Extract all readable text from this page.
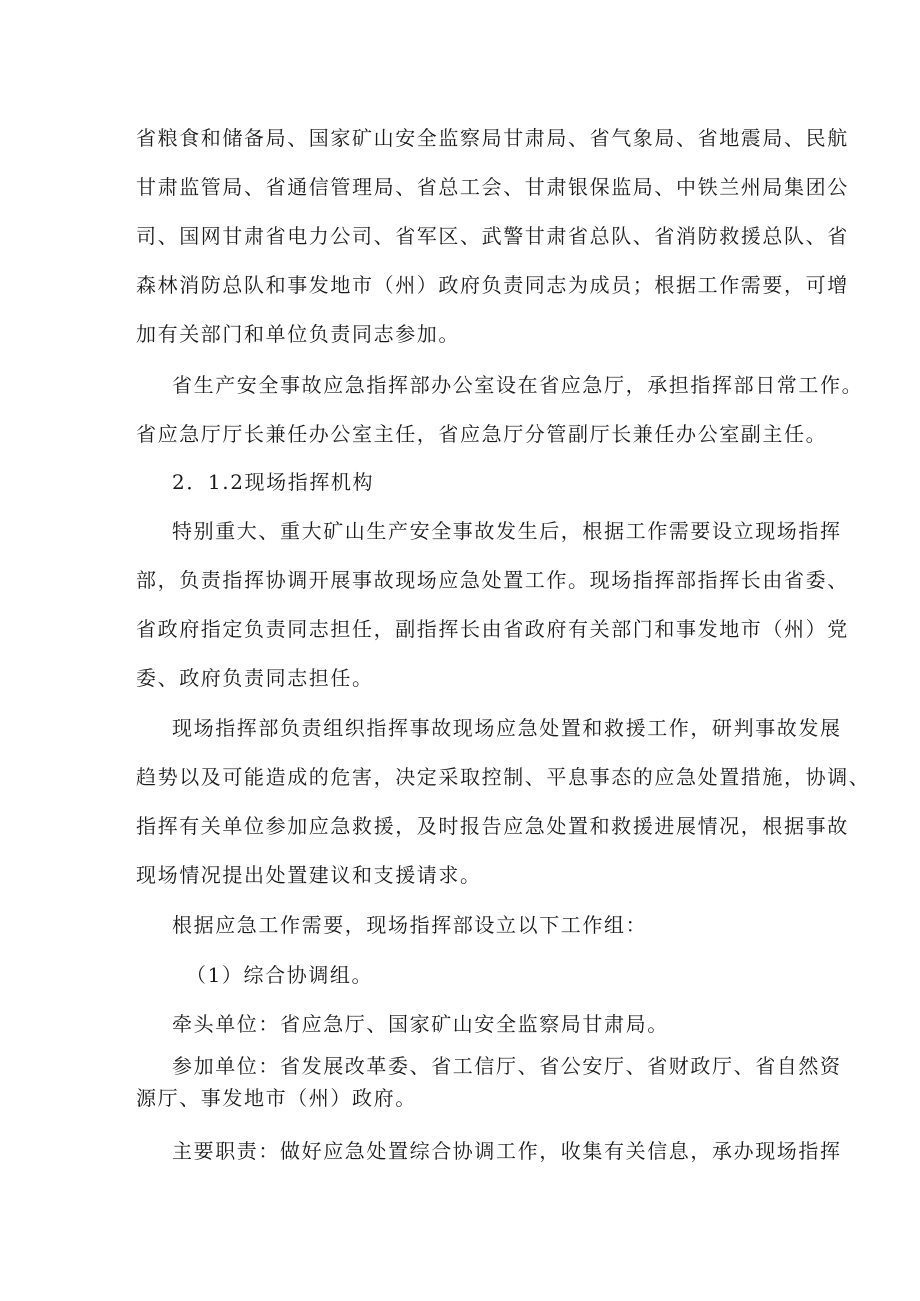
省粮食和储备局、国家矿山安全监察局甘肃局、省气象局、省地震局、民航
甘肃监管局、省通信管理局、省总工会、甘肃银保监局、中铁兰州局集团公
司、国网甘肃省电力公司、省军区、武警甘肃省总队、省消防救援总队、省
森林消防总队和事发地市（州）政府负责同志为成员；根据工作需要，可增
加有关部门和单位负责同志参加。
省生产安全事故应急指挥部办公室设在省应急厅，承担指挥部日常工作。
省应急厅厅长兼任办公室主任，省应急厅分管副厅长兼任办公室副主任。
2．1.2现场指挥机构
特别重大、重大矿山生产安全事故发生后，根据工作需要设立现场指挥
部，负责指挥协调开展事故现场应急处置工作。现场指挥部指挥长由省委、
省政府指定负责同志担任，副指挥长由省政府有关部门和事发地市（州）党
委、政府负责同志担任。
现场指挥部负责组织指挥事故现场应急处置和救援工作，研判事故发展
趋势以及可能造成的危害，决定采取控制、平息事态的应急处置措施，协调、
指挥有关单位参加应急救援，及时报告应急处置和救援进展情况，根据事故
现场情况提出处置建议和支援请求。
根据应急工作需要，现场指挥部设立以下工作组：
（1）综合协调组。
牵头单位：省应急厅、国家矿山安全监察局甘肃局。
参加单位：省发展改革委、省工信厅、省公安厅、省财政厅、省自然资
源厅、事发地市（州）政府。
主要职责：做好应急处置综合协调工作，收集有关信息，承办现场指挥
